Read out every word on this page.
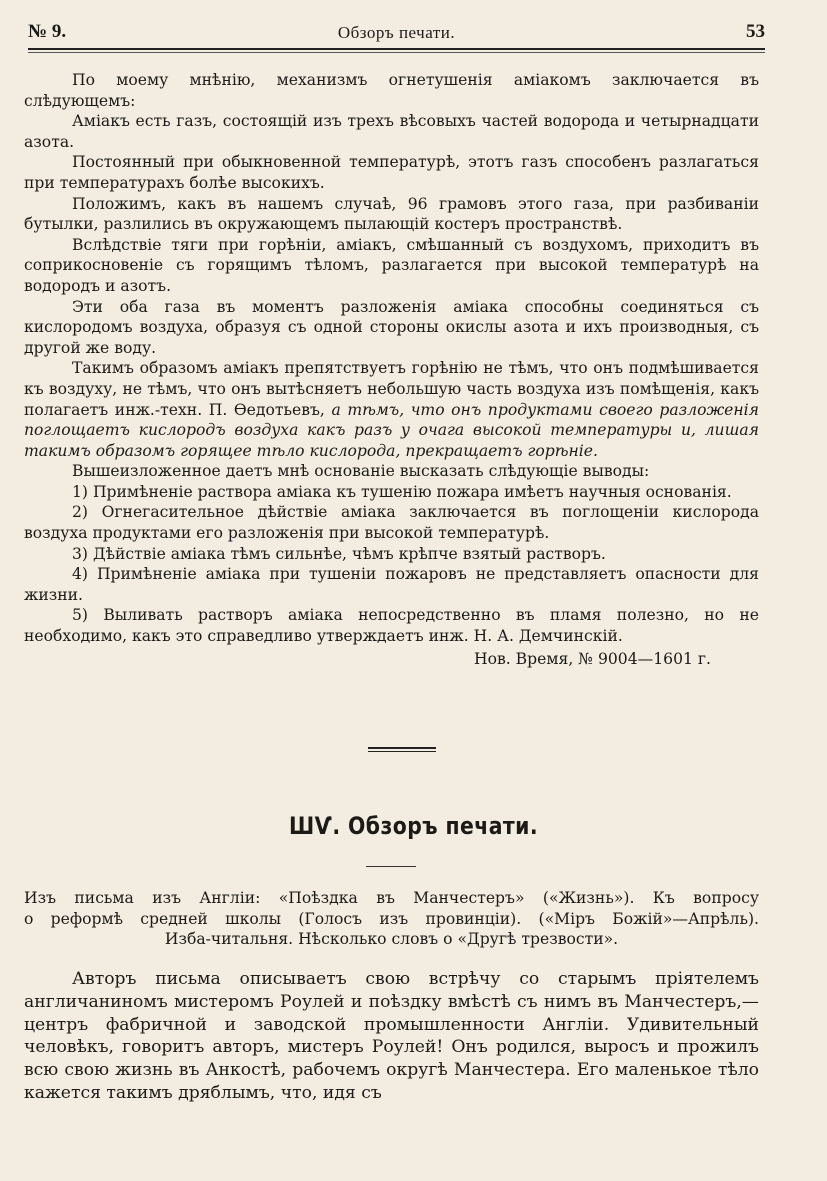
№ 9.	Обзоръ печати.	53

По моему мнѣнію, механизмъ огнетушенія аміакомъ заключается въ слѣдующемъ:

Аміакъ есть газъ, состоящій изъ трехъ вѣсовыхъ частей водорода и четырнадцати азота.

Постоянный при обыкновенной температурѣ, этотъ газъ способенъ разлагаться при температурахъ болѣе высокихъ.

Положимъ, какъ въ нашемъ случаѣ, 96 грамовъ этого газа, при разбиваніи бутылки, разлились въ окружающемъ пылающій костеръ пространствѣ.

Вслѣдствіе тяги при горѣніи, аміакъ, смѣшанный съ воздухомъ, приходитъ въ соприкосновеніе съ горящимъ тѣломъ, разлагается при высокой температурѣ на водородъ и азотъ.

Эти оба газа въ моментъ разложенія аміака способны соединяться съ кислородомъ воздуха, образуя съ одной стороны окислы азота и ихъ производныя, съ другой же воду.

Такимъ образомъ аміакъ препятствуетъ горѣнію не тѣмъ, что онъ подмѣшивается къ воздуху, не тѣмъ, что онъ вытѣсняетъ небольшую часть воздуха изъ помѣщенія, какъ полагаетъ инж.-техн. П. Ѳедотьевъ, а тѣмъ, что онъ продуктами своего разложенія поглощаетъ кислородъ воздуха какъ разъ у очага высокой температуры и, лишая такимъ образомъ горящее тѣло кислорода, прекращаетъ горѣніе.

Вышеизложенное даетъ мнѣ основаніе высказать слѣдующіе выводы:

1) Примѣненіе раствора аміака къ тушенію пожара имѣетъ научныя основанія.

2) Огнегасительное дѣйствіе аміака заключается въ поглощеніи кислорода воздуха продуктами его разложенія при высокой температурѣ.

3) Дѣйствіе аміака тѣмъ сильнѣе, чѣмъ крѣпче взятый растворъ.

4) Примѣненіе аміака при тушеніи пожаровъ не представляетъ опасности для жизни.

5) Выливать растворъ аміака непосредственно въ пламя полезно, но не необходимо, какъ это справедливо утверждаетъ инж. Н. А. Демчинскій.

Нов. Время, № 9004—1601 г.

ШѴ. Обзоръ печати.

Изъ письма изъ Англіи: «Поѣздка въ Манчестеръ» («Жизнь»). Къ вопросу
о реформѣ средней школы (Голосъ изъ провинціи). («Міръ Божій»—Апрѣль).
Изба-читальня. Нѣсколько словъ о «Другѣ трезвости».

Авторъ письма описываетъ свою встрѣчу со старымъ пріятелемъ англичаниномъ мистеромъ Роулей и поѣздку вмѣстѣ съ нимъ въ Манчестеръ,—центръ фабричной и заводской промышленности Англіи. Удивительный человѣкъ, говоритъ авторъ, мистеръ Роулей! Онъ родился, выросъ и прожилъ всю свою жизнь въ Анкостѣ, рабочемъ округѣ Манчестера. Его маленькое тѣло кажется такимъ дряблымъ, что, идя съ
